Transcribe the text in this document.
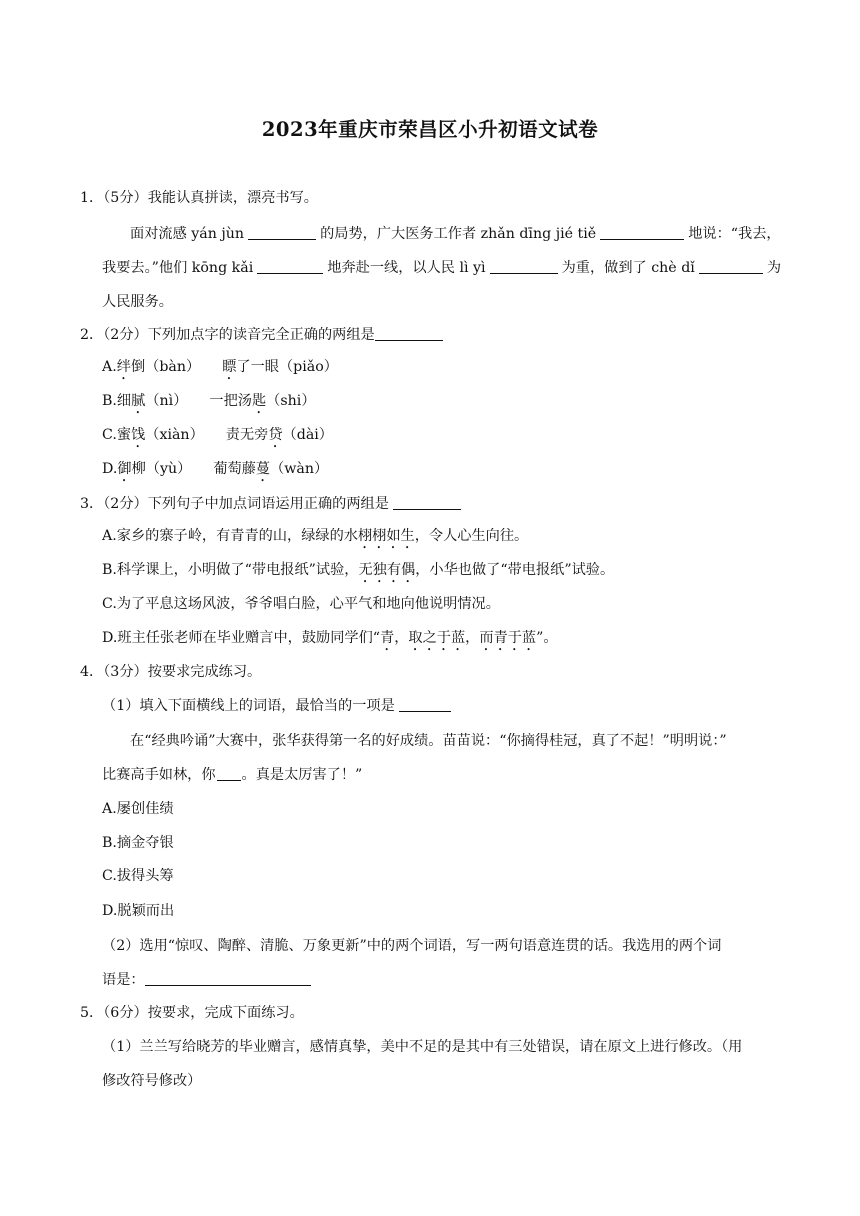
2023年重庆市荣昌区小升初语文试卷
1．（5分）我能认真拼读，漂亮书写。
面对流感 yán jùn	的局势，广大医务工作者 zhǎn dīng jié tiě	地说：“我去，
我要去。”他们 kōng kǎi	地奔赴一线，以人民 lì yì	为重，做到了 chè dǐ	为
人民服务。
2．（2分）下列加点字的读音完全正确的两组是
A.绊倒（bàn） 瞟了一眼（piǎo）
B.细腻（nì） 一把汤匙（shi）
C.蜜饯（xiàn） 责无旁贷（dài）
D.御柳（yù） 葡萄藤蔓（wàn）
3．（2分）下列句子中加点词语运用正确的两组是
A.家乡的寨子岭，有青青的山，绿绿的水栩栩如生，令人心生向往。
B.科学课上，小明做了“带电报纸”试验，无独有偶，小华也做了“带电报纸”试验。
C.为了平息这场风波，爷爷唱白脸，心平气和地向他说明情况。
D.班主任张老师在毕业赠言中，鼓励同学们“青，取之于蓝，而青于蓝”。
4．（3分）按要求完成练习。
（1）填入下面横线上的词语，最恰当的一项是
在“经典吟诵”大赛中，张华获得第一名的好成绩。苗苗说：“你摘得桂冠，真了不起！”明明说：”
比赛高手如林，你 。真是太厉害了！”
A.屡创佳绩
B.摘金夺银
C.拔得头筹
D.脱颖而出
（2）选用“惊叹、陶醉、清脆、万象更新”中的两个词语，写一两句语意连贯的话。我选用的两个词
语是：
5．（6分）按要求，完成下面练习。
（1）兰兰写给晓芳的毕业赠言，感情真挚，美中不足的是其中有三处错误，请在原文上进行修改。（用
修改符号修改）
